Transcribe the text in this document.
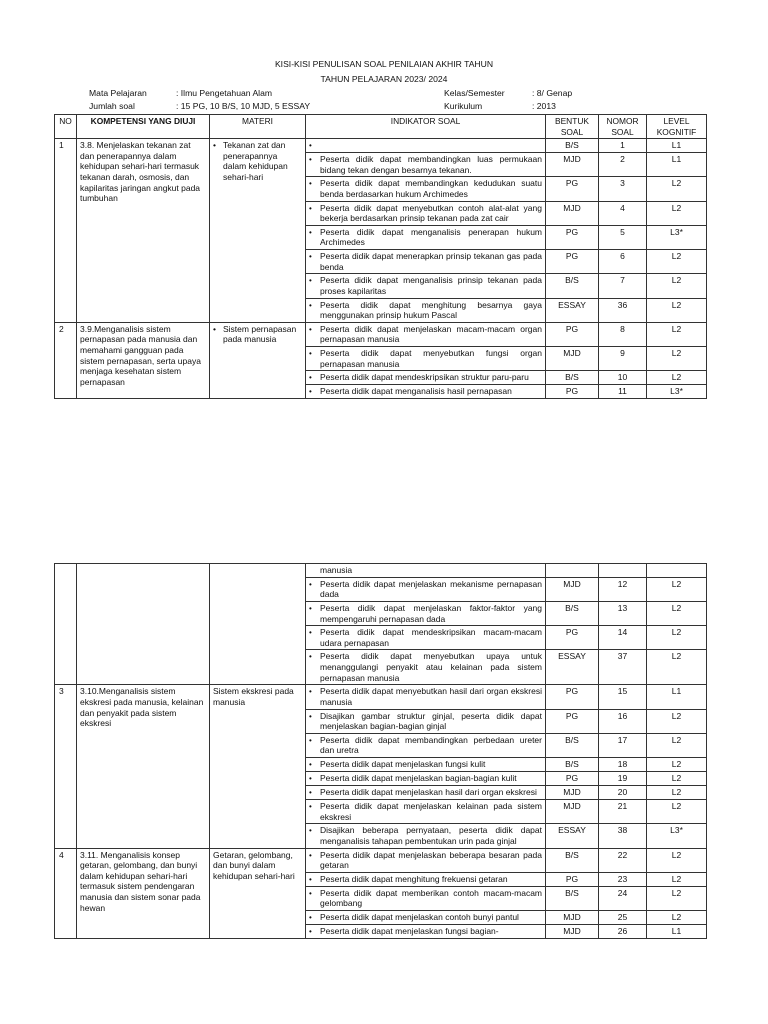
KISI-KISI PENULISAN SOAL PENILAIAN AKHIR TAHUN
TAHUN PELAJARAN 2023/ 2024
Mata Pelajaran	: Ilmu Pengetahuan Alam
Jumlah soal	: 15 PG, 10 B/S, 10 MJD, 5 ESSAY
Kelas/Semester	: 8/ Genap
Kurikulum	: 2013
NO	KOMPETENSI YANG DIUJI	MATERI	INDIKATOR SOAL	BENTUK SOAL	NOMOR SOAL	LEVEL KOGNITIF
1	3.8. Menjelaskan tekanan zat dan penerapannya dalam kehidupan sehari-hari termasuk tekanan darah, osmosis, dan kapilaritas jaringan angkut pada tumbuhan	• Tekanan zat dan penerapannya dalam kehidupan sehari-hari	•	B/S	1	L1

			• Peserta didik dapat membandingkan luas permukaan bidang tekan dengan besarnya tekanan.	MJD	2	L1

			• Peserta didik dapat membandingkan kedudukan suatu benda berdasarkan hukum Archimedes	PG	3	L2

			• Peserta didik dapat menyebutkan contoh alat-alat yang bekerja berdasarkan prinsip tekanan pada zat cair	MJD	4	L2

			• Peserta didik dapat menganalisis penerapan hukum Archimedes	PG	5	L3*

			• Peserta didik dapat menerapkan prinsip tekanan gas pada benda	PG	6	L2

			• Peserta didik dapat menganalisis prinsip tekanan pada proses kapilaritas	B/S	7	L2

			• Peserta didik dapat menghitung besarnya gaya menggunakan prinsip hukum Pascal	ESSAY	36	L2
2	3.9.Menganalisis sistem pernapasan pada manusia dan memahami gangguan pada sistem pernapasan, serta upaya menjaga kesehatan sistem pernapasan	• Sistem pernapasan pada manusia	• Peserta didik dapat menjelaskan macam-macam organ pernapasan manusia	PG	8	L2

			• Peserta didik dapat menyebutkan fungsi organ pernapasan manusia	MJD	9	L2

			• Peserta didik dapat mendeskripsikan struktur paru-paru	B/S	10	L2

			• Peserta didik dapat menganalisis hasil pernapasan	PG	11	L3*

			manusia			

			• Peserta didik dapat menjelaskan mekanisme pernapasan dada	MJD	12	L2

			• Peserta didik dapat menjelaskan faktor-faktor yang mempengaruhi pernapasan dada	B/S	13	L2

			• Peserta didik dapat mendeskripsikan macam-macam udara pernapasan	PG	14	L2

			• Peserta didik dapat menyebutkan upaya untuk menanggulangi penyakit atau kelainan pada sistem pernapasan manusia	ESSAY	37	L2
3	3.10.Menganalisis sistem ekskresi pada manusia, kelainan dan penyakit pada sistem ekskresi	Sistem ekskresi pada manusia	• Peserta didik dapat menyebutkan hasil dari organ ekskresi manusia	PG	15	L1

			• Disajikan gambar struktur ginjal, peserta didik dapat menjelaskan bagian-bagian ginjal	PG	16	L2

			• Peserta didik dapat membandingkan perbedaan ureter dan uretra	B/S	17	L2

			• Peserta didik dapat menjelaskan fungsi kulit	B/S	18	L2

			• Peserta didik dapat menjelaskan bagian-bagian kulit	PG	19	L2

			• Peserta didik dapat menjelaskan hasil dari organ ekskresi	MJD	20	L2

			• Peserta didik dapat menjelaskan kelainan pada sistem ekskresi	MJD	21	L2

			• Disajikan beberapa pernyataan, peserta didik dapat menganalisis tahapan pembentukan urin pada ginjal	ESSAY	38	L3*
4	3.11. Menganalisis konsep getaran, gelombang, dan bunyi dalam kehidupan sehari-hari termasuk sistem pendengaran manusia dan sistem sonar pada hewan	Getaran, gelombang, dan bunyi dalam kehidupan sehari-hari	• Peserta didik dapat menjelaskan beberapa besaran pada getaran	B/S	22	L2

			• Peserta didik dapat menghitung frekuensi getaran	PG	23	L2

			• Peserta didik dapat memberikan contoh macam-macam gelombang	B/S	24	L2

			• Peserta didik dapat menjelaskan contoh bunyi pantul	MJD	25	L2

			• Peserta didik dapat menjelaskan fungsi bagian-	MJD	26	L1
